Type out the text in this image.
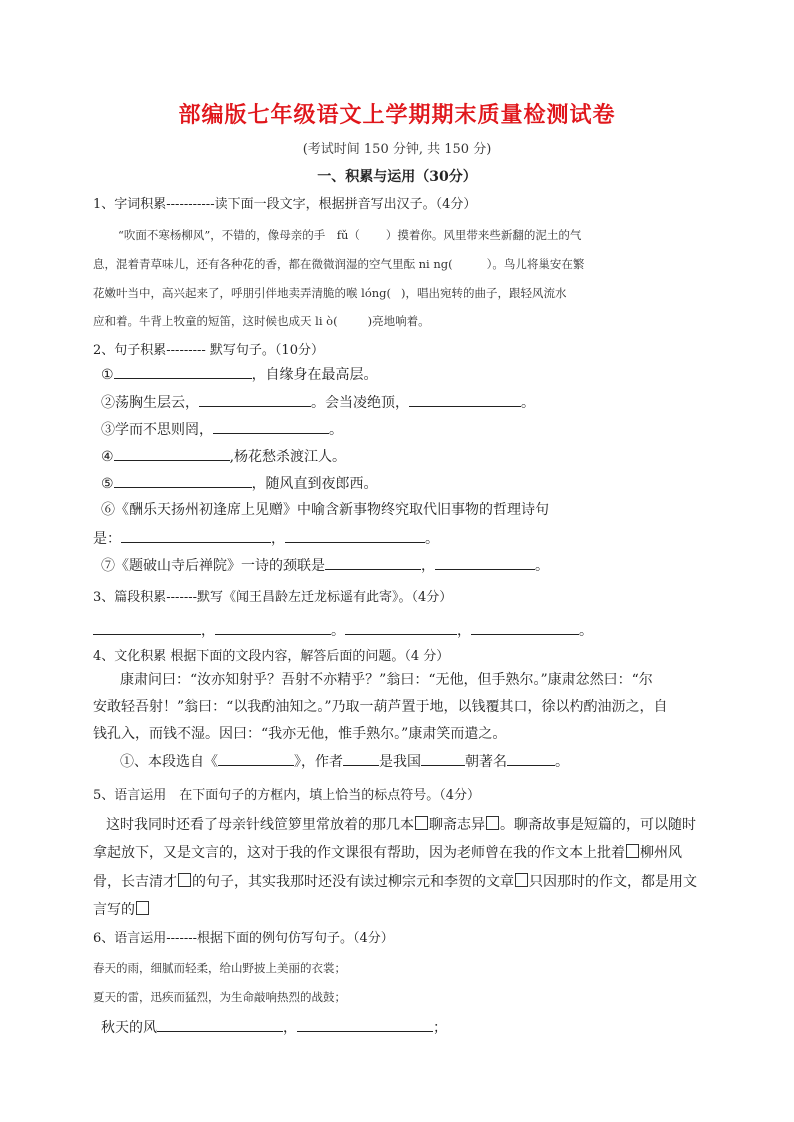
部编版七年级语文上学期期末质量检测试卷
(考试时间 150 分钟, 共 150 分)
一、积累与运用（30分）
1、字词积累-----------读下面一段文字，根据拼音写出汉子。（4分）
“吹面不寒杨柳风”，不错的，像母亲的手　fǔ（ ）摸着你。风里带来些新翻的泥土的气
息，混着青草味儿，还有各种花的香，都在微微润湿的空气里酝 ni ng(	）。鸟儿将巢安在繁
花嫩叶当中，高兴起来了，呼朋引伴地卖弄清脆的喉 lóng( )，唱出宛转的曲子，跟轻风流水
应和着。牛背上牧童的短笛，这时候也成天 li ò(	)亮地响着。
2、句子积累--------- 默写句子。（10分）
①	，自缘身在最高层。
②荡胸生层云，	。会当凌绝顶，	。
③学而不思则罔，	。
④	,杨花愁杀渡江人。
⑤	，随风直到夜郎西。
⑥《酬乐天扬州初逢席上见赠》中喻含新事物终究取代旧事物的哲理诗句
是：	，	。
⑦《题破山寺后禅院》一诗的颈联是	，	。
3、篇段积累-------默写《闻王昌龄左迁龙标遥有此寄》。（4分）
，	。	，	。
4、文化积累 根据下面的文段内容，解答后面的问题。（4 分）
康肃问曰：“汝亦知射乎？吾射不亦精乎？”翁曰：“无他，但手熟尔。”康肃忿然曰：“尔
安敢轻吾射！”翁曰：“以我酌油知之。”乃取一葫芦置于地，以钱覆其口，徐以杓酌油沥之，自
钱孔入，而钱不湿。因曰：“我亦无他，惟手熟尔。”康肃笑而遣之。
①、本段选自《	》，作者	是我国	朝著名	。
5、语言运用　在下面句子的方框内，填上恰当的标点符号。（4分）
这时我同时还看了母亲针线笸箩里常放着的那几本 聊斋志异 。聊斋故事是短篇的，可以随时
拿起放下，又是文言的，这对于我的作文课很有帮助，因为老师曾在我的作文本上批着 柳州风
骨，长吉清才 的句子，其实我那时还没有读过柳宗元和李贺的文章 只因那时的作文，都是用文
言写的
6、语言运用-------根据下面的例句仿写句子。（4分）
春天的雨，细腻而轻柔，给山野披上美丽的衣裳；
夏天的雷，迅疾而猛烈，为生命敲响热烈的战鼓；
秋天的风	，	；
